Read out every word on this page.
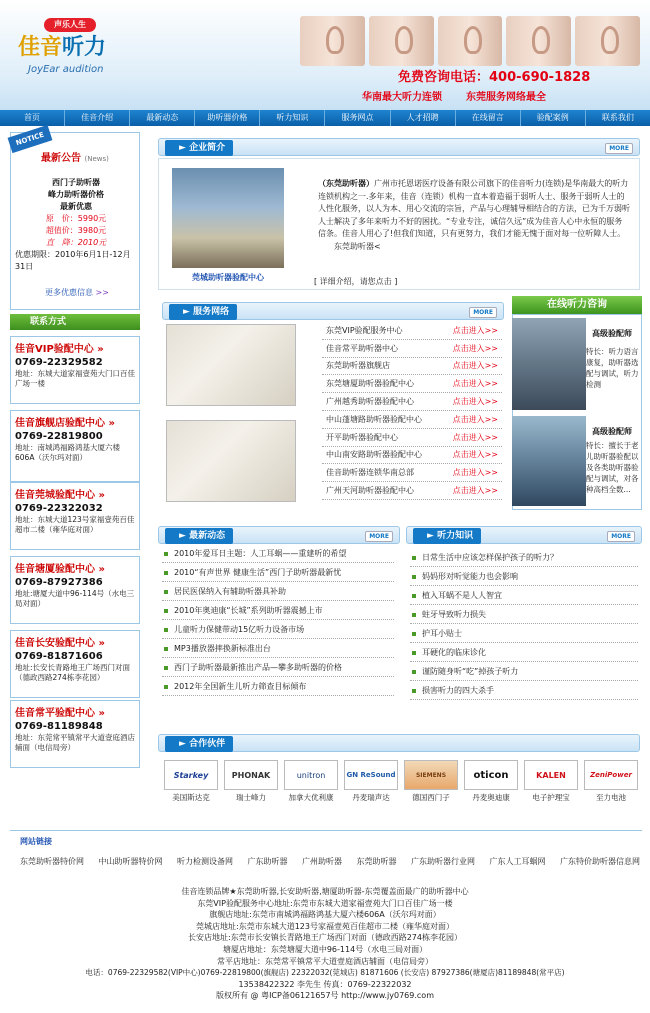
声乐人生
佳音听力
JoyEar audition
免费咨询电话：400-690-1828
华南最大听力连锁 东莞服务网络最全
首页	佳音介绍	最新动态	助听器价格	听力知识	服务网点	人才招聘	在线留言	验配案例	联系我们
NOTICE
最新公告 (News)
西门子助听器
峰力助听器价格
最新优惠
原　价：5990元
超值价：3980元
直　降：2010元
优惠期限：2010年6月1日-12月31日
更多优惠信息 >>
联系方式
佳音VIP验配中心 »
0769-22329582
地址：东城大道家福壹苑大门口百佳广场一楼
佳音旗舰店验配中心 »
0769-22819800
地址：南城鸿福路鸿基大厦六楼606A（沃尔玛对面）
佳音莞城验配中心 »
0769-22322032
地址：东城大道123号家福壹苑百佳超市二楼（雍华庭对面）
佳音塘厦验配中心 »
0769-87927386
地址:塘厦大道中96-114号（水电三局对面）
佳音长安验配中心 »
0769-81871606
地址:长安长青路地王广场西门对面（德政西路274栋李花园）
佳音常平验配中心 »
0769-81189848
地址：东莞常平镇常平大道壹庭酒店辅面（电信局旁）
► 企业简介	MORE
莞城助听器验配中心
（东莞助听器）广州市托恩诺医疗设备有限公司旗下的佳音听力(连锁)是华南最大的听力连锁机构之一.多年来，佳音（连锁）机构一直本着造福于弱听人士、服务于弱听人士的人性化服务，以人为本、用心交流的宗旨，产品与心理辅导相结合的方法，已为千万弱听人士解决了多年来听力不好的困扰。“专业专注，诚信久远”成为佳音人心中永恒的服务信条。佳音人用心了!但我们知道，只有更努力，我们才能无愧于面对每一位听障人士。
东莞助听器<
[ 详细介绍，请您点击 ]
► 服务网络	MORE
东莞VIP验配服务中心	点击进入>>
佳音常平助听器中心	点击进入>>
东莞助听器旗舰店	点击进入>>
东莞塘厦助听器验配中心	点击进入>>
广州越秀助听器验配中心	点击进入>>
中山蓬塘路助听器验配中心	点击进入>>
开平助听器验配中心	点击进入>>
中山南安路助听器验配中心	点击进入>>
佳音助听器连锁华南总部	点击进入>>
广州天河助听器验配中心	点击进入>>
在线听力咨询
高级验配师
特长：听力语言康复，助听器选配与调试，听力检测
高级验配师
特长：擅长于老儿助听器验配以及各类助听器验配与调试，对各种高档全数...
► 最新动态	MORE
2010年爱耳日主题：人工耳蜗——重建听的希望
2010“有声世界 健康生活”西门子助听器最新忧
居民医保纳入有辅助听器具补助
2010年奥迪康“长城”系列助听器震撼上市
儿童听力保健带动15亿听力设备市场
MP3播放器摔换新标准出台
西门子助听器最新推出产品—攀多助听器的价格
2012年全国新生儿听力筛查目标倾布
► 听力知识	MORE
日常生活中应该怎样保护孩子的听力？
妈妈形对听觉能力也会影响
植入耳蜗不是人人智宜
蛀牙导致听力损失
护耳小贴士
耳硬化的临床诊化
谨防随身听“吃”掉孩子听力
损害听力的四大杀手
► 合作伙伴
Starkey
美国斯达克
PHONAK
瑞士峰力
unitron
加拿大优利康
GN ReSound
丹麦瑞声达
SIEMENS
德国西门子
oticon
丹麦奥迪康
KALEN
电子护理宝
ZeniPower
至力电池
网站链接
东莞助听器特价网 中山助听器特价网 听力检测设备网 广东助听器 广州助听器 东莞助听器 广东助听器行业网 广东人工耳蜗网 广东特价助听器信息网
佳音连锁品牌★东莞助听器,长安助听器,塘厦助听器-东莞覆盖面最广的助听器中心
东莞VIP验配服务中心地址:东莞市东城大道家福壹苑大门口百佳广场一楼
旗舰店地址:东莞市南城鸿福路鸿基大厦六楼606A（沃尔玛对面）
莞城店地址:东莞市东城大道123号家福壹苑百佳超市二楼（雍华庭对面）
长安店地址:东莞市长安镇长青路地王广场西门对面（德政西路274栋李花园）
塘厦店地址：东莞塘厦大道中96-114号（水电三局对面）
常平店地址：东莞常平镇常平大道壹庭酒店辅面（电信局旁）
电话：0769-22329582(VIP中心)0769-22819800(旗舰店) 22322032(莞城店) 81871606 (长安店) 87927386(塘厦店)81189848(常平店)
13538422322 李先生 传真：0769-22322032
版权所有 @ 粤ICP备06121657号 http://www.jy0769.com
